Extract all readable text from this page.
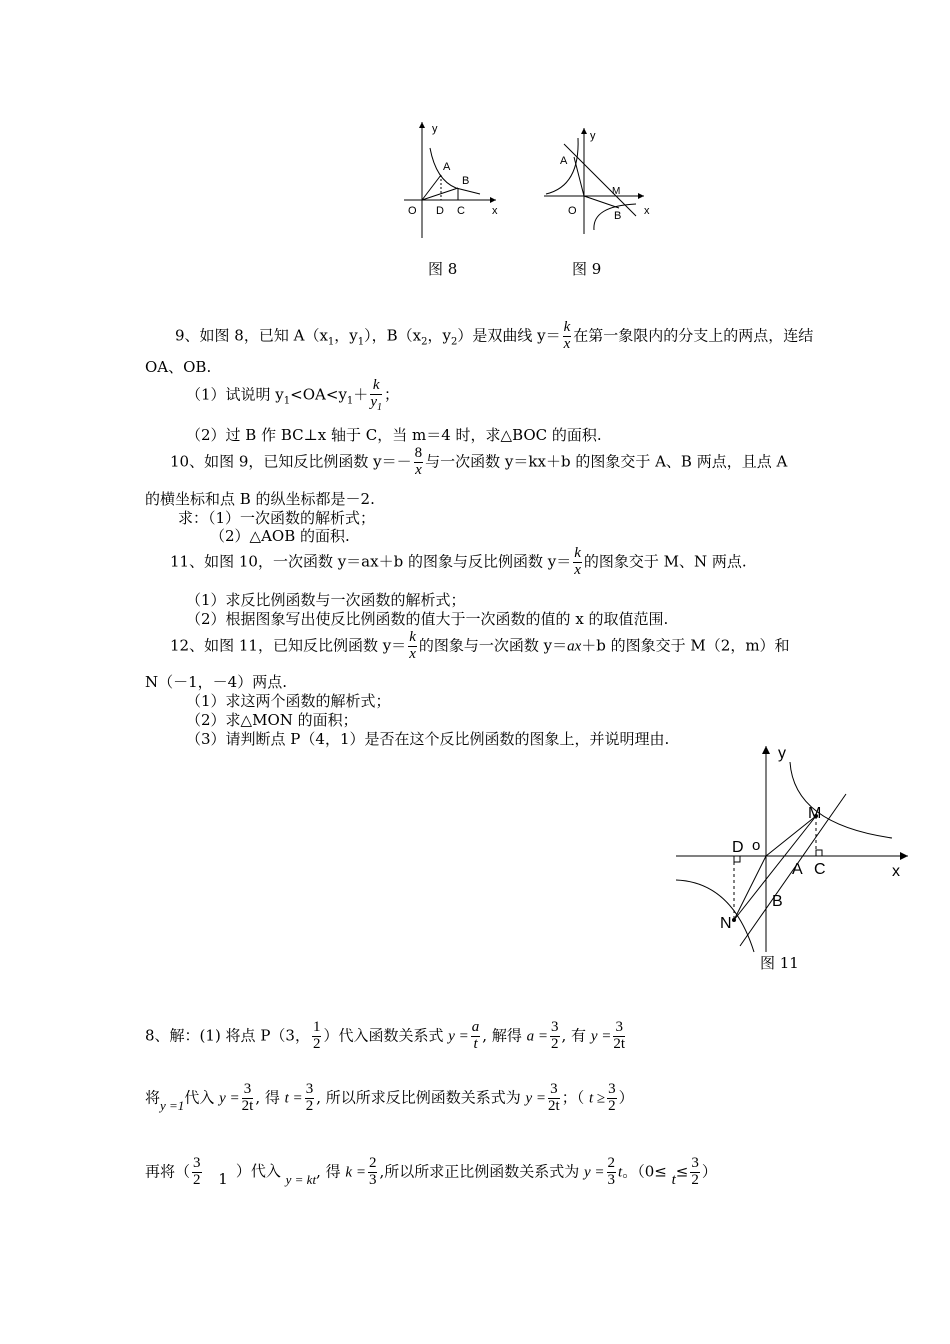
y
x
O
A
B
D C
图 8
y
x
O
A
B
M
图 9
9、如图 8，已知 $A(x_1$，$y_1$），$B(x_2$，$y_2$）是双曲线 $y= \frac{k}{x}$ 在第一象限内的分支上的两点，连结
OA、OB.
（1）试说明 $y_1<OA<y_1+ \frac{k}{y_1}$ ；
（2）过 B 作 BC⊥x 轴于 C，当 m＝4 时，求△BOC 的面积.
10、如图 9，已知反比例函数 $y=- \frac{8}{x}$ 与一次函数 y＝kx＋b 的图象交于 A、B 两点，且点 A
的横坐标和点 B 的纵坐标都是－2.
求：（1）一次函数的解析式；
（2）△AOB 的面积.
11、如图 10，一次函数 y＝ax＋b 的图象与反比例函数 $y= \frac{k}{x}$ 的图象交于 M、N 两点.
（1）求反比例函数与一次函数的解析式；
（2）根据图象写出使反比例函数的值大于一次函数的值的 x 的取值范围.
12、如图 11，已知反比例函数 $y= \frac{k}{x}$ 的图象与一次函数 y＝ax＋b 的图象交于 M（2，m）和
N（－1，－4）两点.
（1）求这两个函数的解析式；
（2）求△MON 的面积；
（3）请判断点 P（4，1）是否在这个反比例函数的图象上，并说明理由.
y
x
o
A
B
C
D
M
N
图 11
8、解：(1) 将点 P（3， $\frac{1}{2}$ ）代入函数关系式 $y = \frac{a}{t}$ , 解得 $a = \frac{3}{2}$ , 有 $y = \frac{3}{2t}$
将y =1代入 $y = \frac{3}{2t}$ , 得 $t = \frac{3}{2}$ , 所以所求反比例函数关系式为 $y = \frac{3}{2t}$ ；（ $t \ge \frac{3}{2}$ ）
再将（ $\frac{3}{2} 1$ ）代入 y = kt, 得 $k = \frac{2}{3}$ ,所以所求正比例函数关系式为 $y = \frac{2}{3}$ t。（$0\le t\le \frac{3}{2}$ ）
